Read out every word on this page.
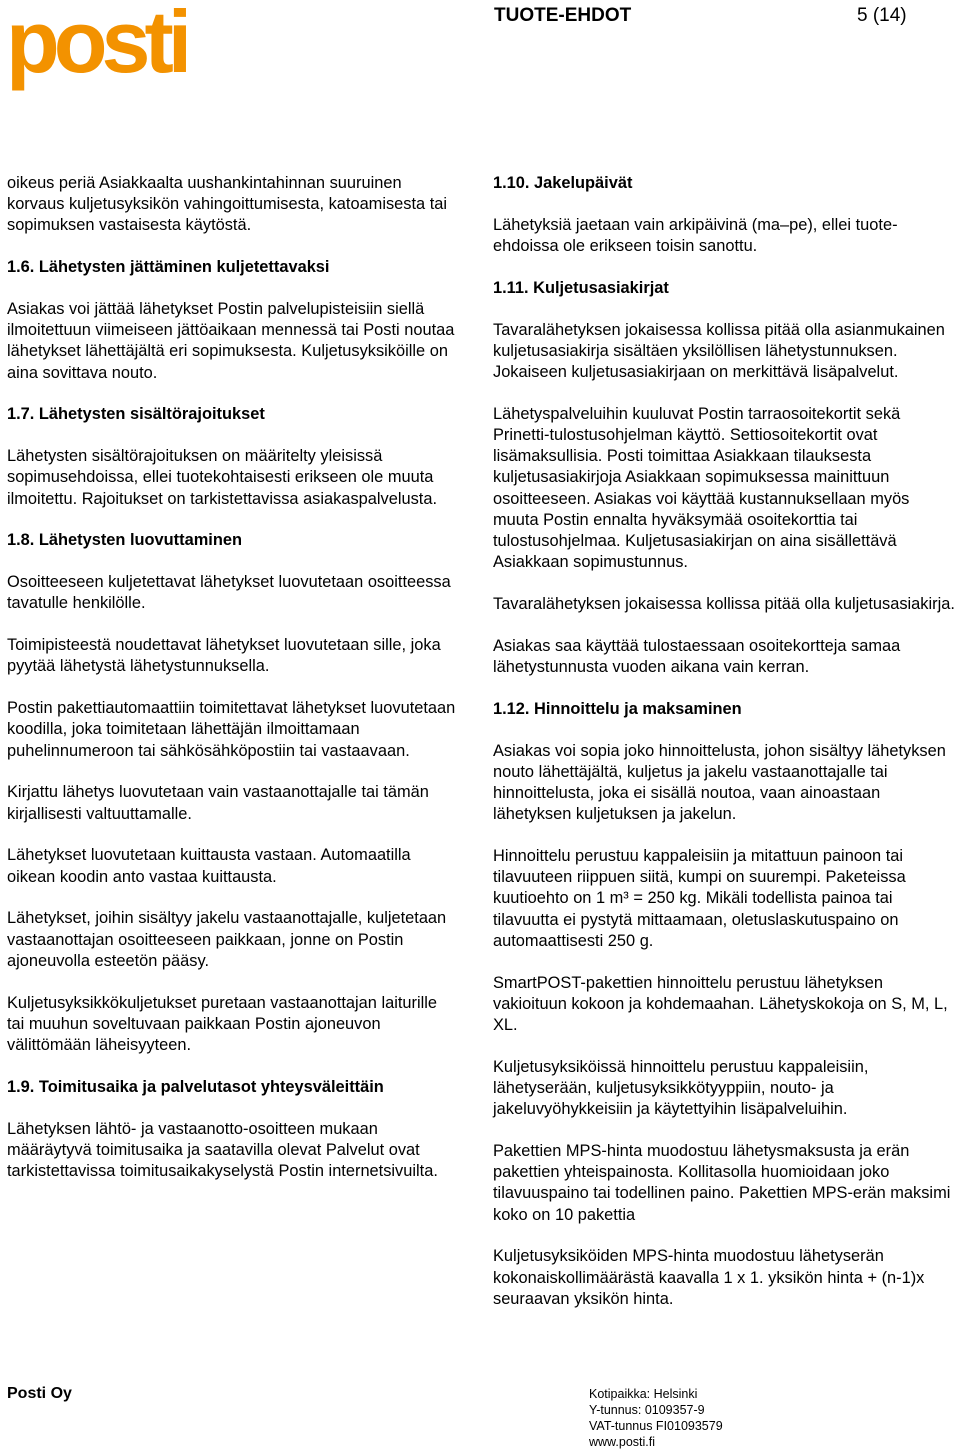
posti	TUOTE-EHDOT	5 (14)

oikeus periä Asiakkaalta uushankintahinnan suuruinen korvaus kuljetusyksikön vahingoittumisesta, katoamisesta tai sopimuksen vastaisesta käytöstä.

1.6. Lähetysten jättäminen kuljetettavaksi

Asiakas voi jättää lähetykset Postin palvelupisteisiin siellä ilmoitettuun viimeiseen jättöaikaan mennessä tai Posti noutaa lähetykset lähettäjältä eri sopimuksesta. Kuljetusyksiköille on aina sovittava nouto.

1.7. Lähetysten sisältörajoitukset

Lähetysten sisältörajoituksen on määritelty yleisissä sopimusehdoissa, ellei tuotekohtaisesti erikseen ole muuta ilmoitettu. Rajoitukset on tarkistettavissa asiakaspalvelusta.

1.8. Lähetysten luovuttaminen

Osoitteeseen kuljetettavat lähetykset luovutetaan osoitteessa tavatulle henkilölle.

Toimipisteestä noudettavat lähetykset luovutetaan sille, joka pyytää lähetystä lähetystunnuksella.

Postin pakettiautomaattiin toimitettavat lähetykset luovutetaan koodilla, joka toimitetaan lähettäjän ilmoittamaan puhelinnumeroon tai sähkösähköpostiin tai vastaavaan.

Kirjattu lähetys luovutetaan vain vastaanottajalle tai tämän kirjallisesti valtuuttamalle.

Lähetykset luovutetaan kuittausta vastaan. Automaatilla oikean koodin anto vastaa kuittausta.

Lähetykset, joihin sisältyy jakelu vastaanottajalle, kuljetetaan vastaanottajan osoitteeseen paikkaan, jonne on Postin ajoneuvolla esteetön pääsy.

Kuljetusyksikkökuljetukset puretaan vastaanottajan laiturille tai muuhun soveltuvaan paikkaan Postin ajoneuvon välittömään läheisyyteen.

1.9. Toimitusaika ja palvelutasot yhteysväleittäin

Lähetyksen lähtö- ja vastaanotto-osoitteen mukaan määräytyvä toimitusaika ja saatavilla olevat Palvelut ovat tarkistettavissa toimitusaikakyselystä Postin internetsivuilta.

1.10. Jakelupäivät

Lähetyksiä jaetaan vain arkipäivinä (ma–pe), ellei tuote-ehdoissa ole erikseen toisin sanottu.

1.11. Kuljetusasiakirjat

Tavaralähetyksen jokaisessa kollissa pitää olla asianmukainen kuljetusasiakirja sisältäen yksilöllisen lähetystunnuksen. Jokaiseen kuljetusasiakirjaan on merkittävä lisäpalvelut.

Lähetyspalveluihin kuuluvat Postin tarraosoitekortit sekä Prinetti-tulostusohjelman käyttö. Settiosoitekortit ovat lisämaksullisia. Posti toimittaa Asiakkaan tilauksesta kuljetusasiakirjoja Asiakkaan sopimuksessa mainittuun osoitteeseen. Asiakas voi käyttää kustannuksellaan myös muuta Postin ennalta hyväksymää osoitekorttia tai tulostusohjelmaa. Kuljetusasiakirjan on aina sisällettävä Asiakkaan sopimustunnus.

Tavaralähetyksen jokaisessa kollissa pitää olla kuljetusasiakirja.

Asiakas saa käyttää tulostaessaan osoitekortteja samaa lähetystunnusta vuoden aikana vain kerran.

1.12. Hinnoittelu ja maksaminen

Asiakas voi sopia joko hinnoittelusta, johon sisältyy lähetyksen nouto lähettäjältä, kuljetus ja jakelu vastaanottajalle tai hinnoittelusta, joka ei sisällä noutoa, vaan ainoastaan lähetyksen kuljetuksen ja jakelun.

Hinnoittelu perustuu kappaleisiin ja mitattuun painoon tai tilavuuteen riippuen siitä, kumpi on suurempi. Paketeissa kuutioehto on 1 m³ = 250 kg. Mikäli todellista painoa tai tilavuutta ei pystytä mittaamaan, oletuslaskutuspaino on automaattisesti 250 g.

SmartPOST-pakettien hinnoittelu perustuu lähetyksen vakioituun kokoon ja kohdemaahan. Lähetyskokoja on S, M, L, XL.

Kuljetusyksiköissä hinnoittelu perustuu kappaleisiin, lähetyserään, kuljetusyksikkötyyppiin, nouto- ja jakeluvyöhykkeisiin ja käytettyihin lisäpalveluihin.

Pakettien MPS-hinta muodostuu lähetysmaksusta ja erän pakettien yhteispainosta. Kollitasolla huomioidaan joko tilavuuspaino tai todellinen paino. Pakettien MPS-erän maksimi koko on 10 pakettia

Kuljetusyksiköiden MPS-hinta muodostuu lähetyserän kokonaiskollimäärästä kaavalla 1 x 1. yksikön hinta + (n-1)x seuraavan yksikön hinta.

Posti Oy	Kotipaikka: Helsinki
Y-tunnus: 0109357-9
VAT-tunnus FI01093579
www.posti.fi
